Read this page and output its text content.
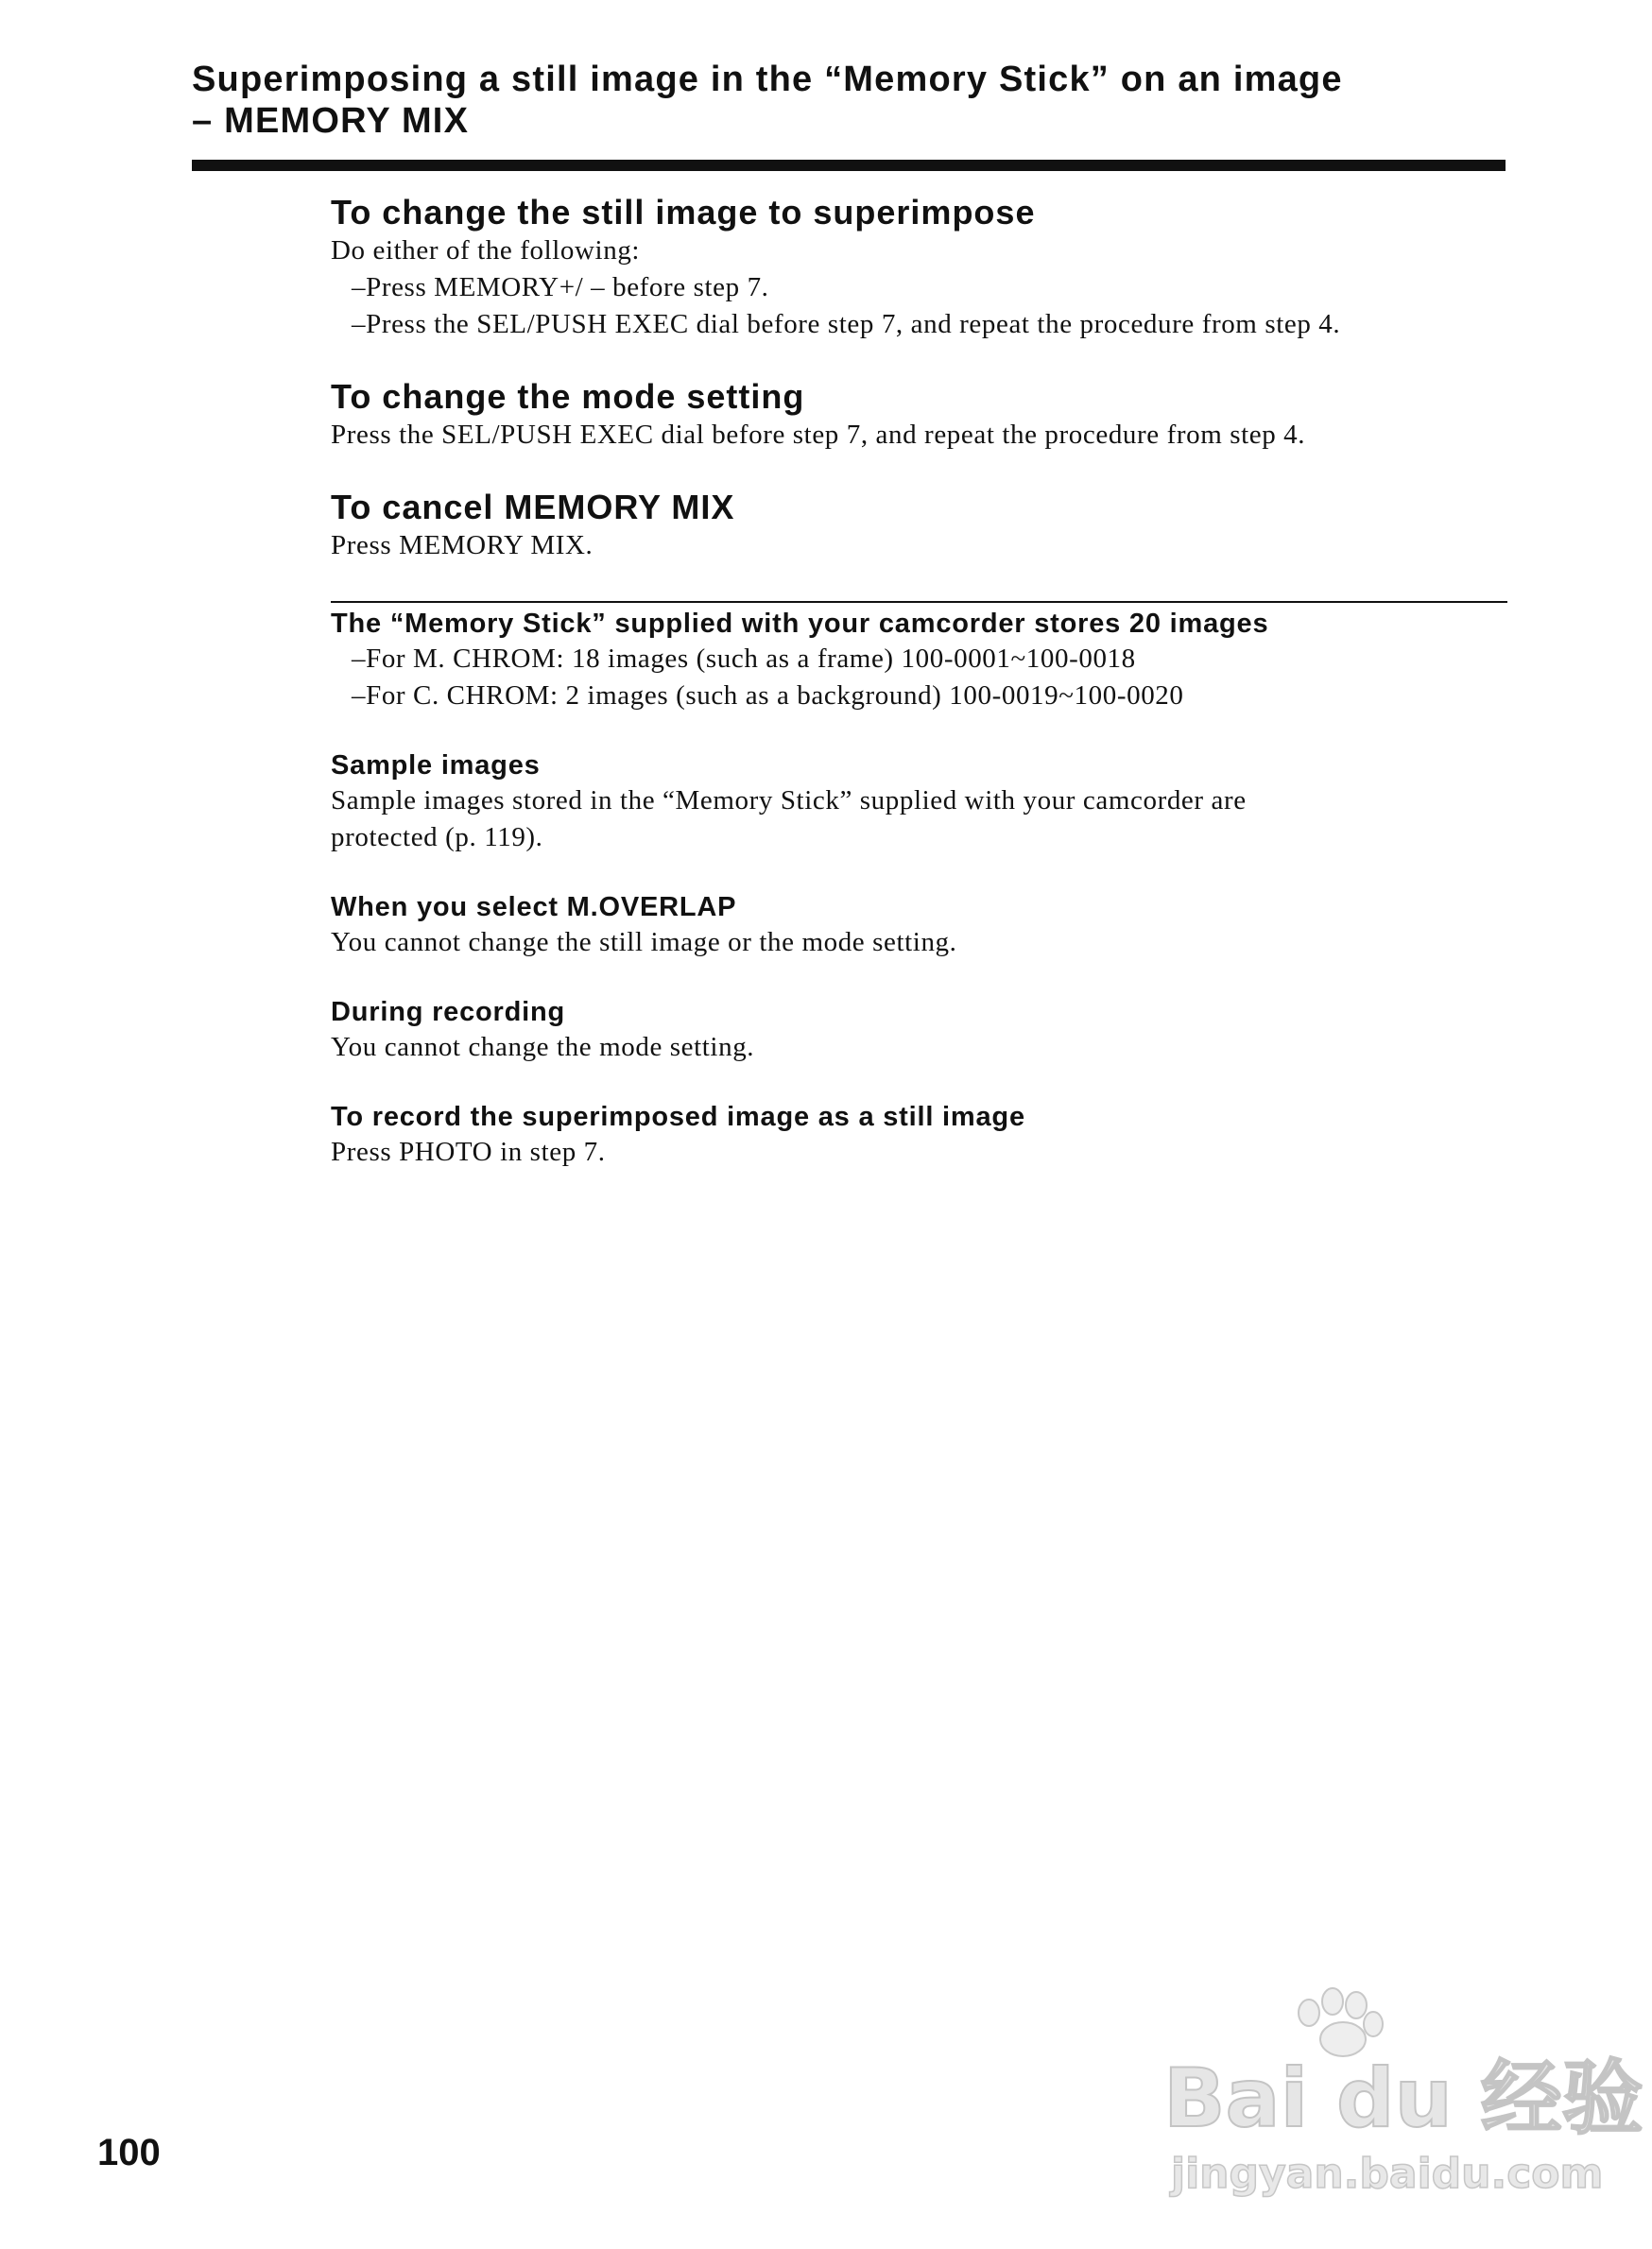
Superimposing a still image in the “Memory Stick” on an image
– MEMORY MIX
To change the still image to superimpose

Do either of the following:

–Press MEMORY+/ – before step 7.

–Press the SEL/PUSH EXEC dial before step 7, and repeat the procedure from step 4.

To change the mode setting

Press the SEL/PUSH EXEC dial before step 7, and repeat the procedure from step 4.

To cancel MEMORY MIX

Press MEMORY MIX.

The “Memory Stick” supplied with your camcorder stores 20 images

–For M. CHROM: 18 images (such as a frame) 100-0001~100-0018

–For C. CHROM: 2 images (such as a background) 100-0019~100-0020

Sample images

Sample images stored in the “Memory Stick” supplied with your camcorder are

protected (p. 119).

When you select M.OVERLAP

You cannot change the still image or the mode setting.

During recording

You cannot change the mode setting.

To record the superimposed image as a still image

Press PHOTO in step 7.

100
Bai du 经验
jingyan.baidu.com
